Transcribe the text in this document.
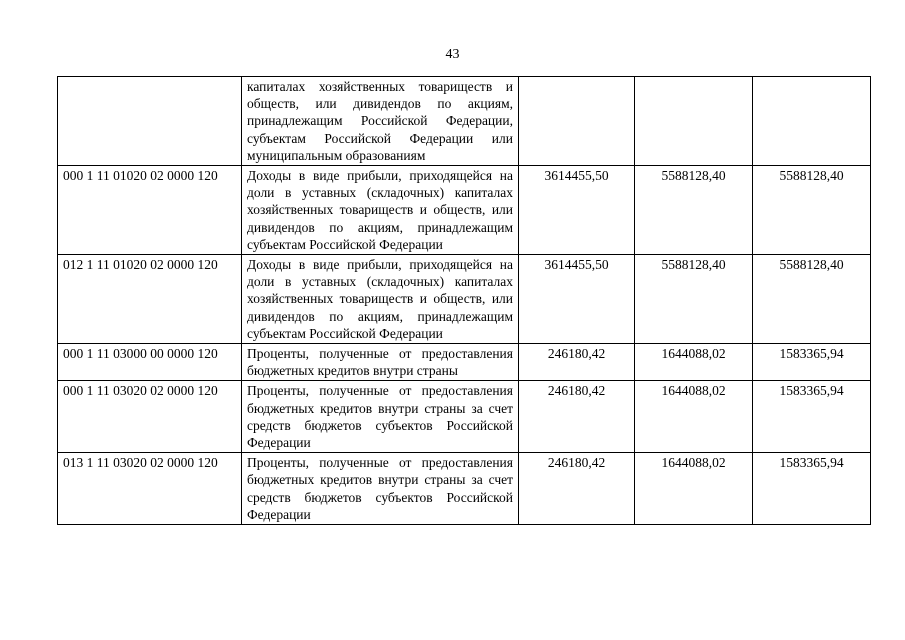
43
	капиталах хозяйственных товариществ и обществ, или дивидендов по акциям, принадлежащим Российской Федерации, субъектам Российской Федерации или муниципальным образованиям			
000 1 11 01020 02 0000 120	Доходы в виде прибыли, приходящейся на доли в уставных (складочных) капиталах хозяйственных товариществ и обществ, или дивидендов по акциям, принадлежащим субъектам Российской Федерации	3614455,50	5588128,40	5588128,40
012 1 11 01020 02 0000 120	Доходы в виде прибыли, приходящейся на доли в уставных (складочных) капиталах хозяйственных товариществ и обществ, или дивидендов по акциям, принадлежащим субъектам Российской Федерации	3614455,50	5588128,40	5588128,40
000 1 11 03000 00 0000 120	Проценты, полученные от предоставления бюджетных кредитов внутри страны	246180,42	1644088,02	1583365,94
000 1 11 03020 02 0000 120	Проценты, полученные от предоставления бюджетных кредитов внутри страны за счет средств бюджетов субъектов Российской Федерации	246180,42	1644088,02	1583365,94
013 1 11 03020 02 0000 120	Проценты, полученные от предоставления бюджетных кредитов внутри страны за счет средств бюджетов субъектов Российской Федерации	246180,42	1644088,02	1583365,94
